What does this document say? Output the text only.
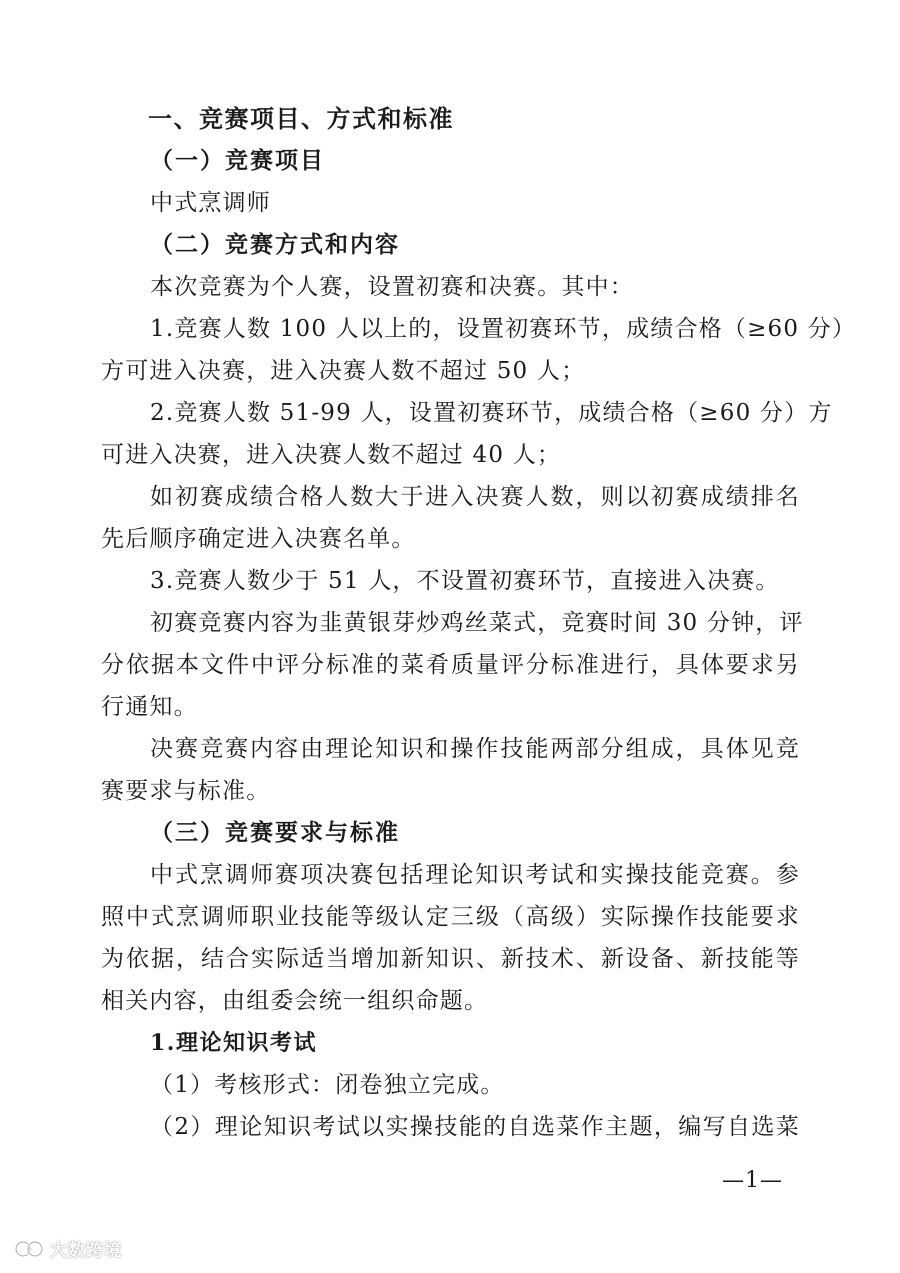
一、竞赛项目、方式和标准
（一）竞赛项目
中式烹调师
（二）竞赛方式和内容
本次竞赛为个人赛，设置初赛和决赛。其中：
1.竞赛人数 100 人以上的，设置初赛环节，成绩合格（≥60 分）
方可进入决赛，进入决赛人数不超过 50 人；
2.竞赛人数 51-99 人，设置初赛环节，成绩合格（≥60 分）方
可进入决赛，进入决赛人数不超过 40 人；
如初赛成绩合格人数大于进入决赛人数，则以初赛成绩排名
先后顺序确定进入决赛名单。
3.竞赛人数少于 51 人，不设置初赛环节，直接进入决赛。
初赛竞赛内容为韭黄银芽炒鸡丝菜式，竞赛时间 30 分钟，评
分依据本文件中评分标准的菜肴质量评分标准进行，具体要求另
行通知。
决赛竞赛内容由理论知识和操作技能两部分组成，具体见竞
赛要求与标准。
（三）竞赛要求与标准
中式烹调师赛项决赛包括理论知识考试和实操技能竞赛。参
照中式烹调师职业技能等级认定三级（高级）实际操作技能要求
为依据，结合实际适当增加新知识、新技术、新设备、新技能等
相关内容，由组委会统一组织命题。
1.理论知识考试
（1）考核形式：闭卷独立完成。
（2）理论知识考试以实操技能的自选菜作主题，编写自选菜
—1—
大数跨境
